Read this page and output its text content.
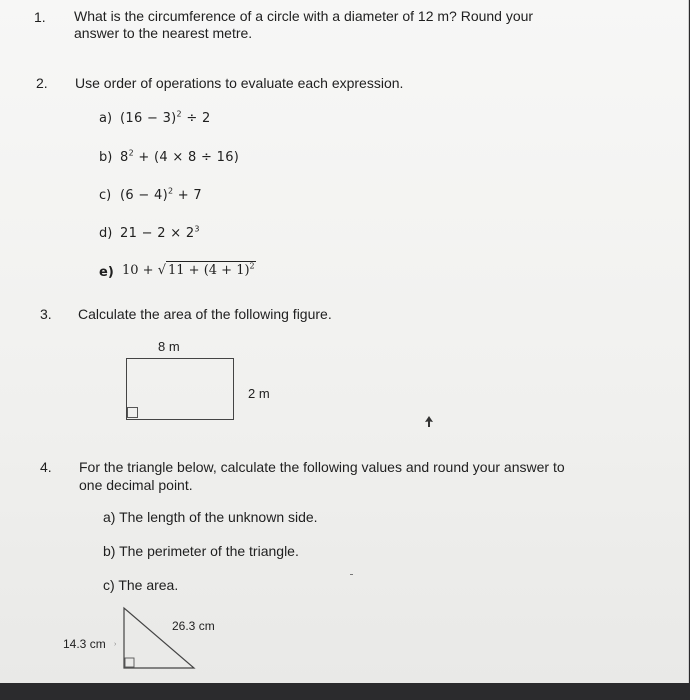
1. What is the circumference of a circle with a diameter of 12 m? Round your
answer to the nearest metre.
2. Use order of operations to evaluate each expression.
a) $(16 - 3)^2 \div 2$
b) $8^2 + (4 \times 8 \div 16)$
c) $(6 - 4)^2 + 7$
d) $21 - 2 \times 2^3$
e) 10 + √ $11 + (4 + 1)^2$
3. Calculate the area of the following figure.
8 m
2 m
4. For the triangle below, calculate the following values and round your answer to
one decimal point.
a) The length of the unknown side.
b) The perimeter of the triangle.
c) The area.
26.3 cm
14.3 cm ›
